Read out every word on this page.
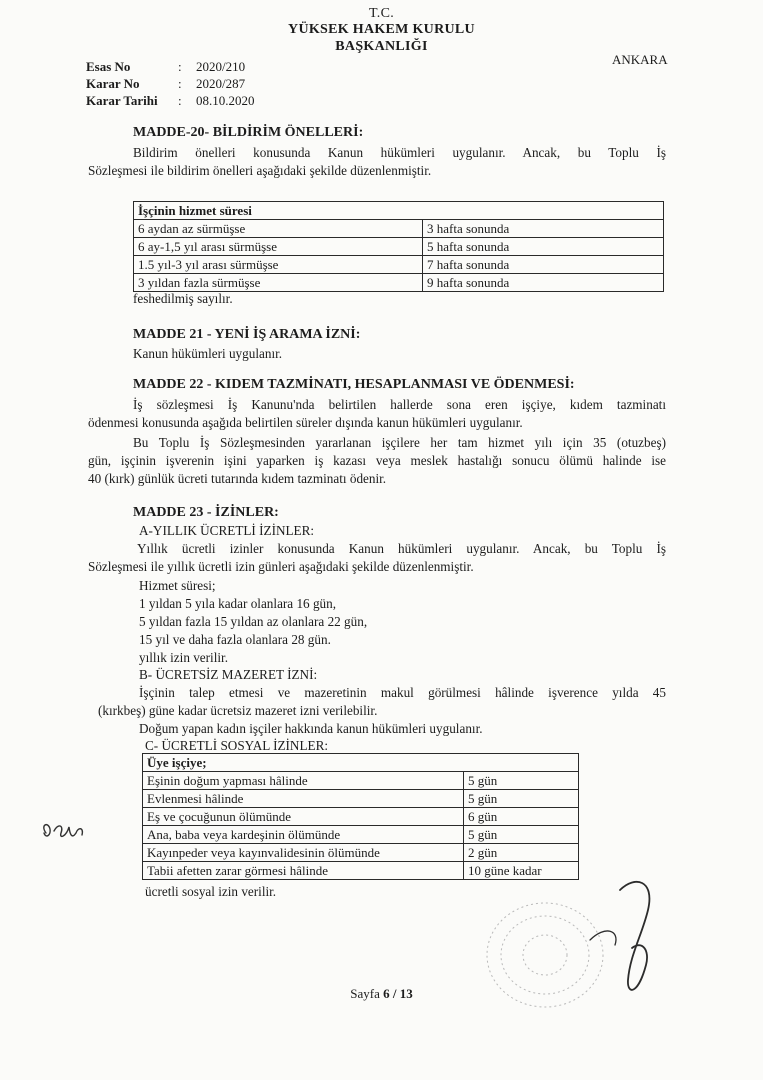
T.C.
YÜKSEK HAKEM KURULU
BAŞKANLIĞI
ANKARA
Esas No	:	2020/210
Karar No	:	2020/287
Karar Tarihi	:	08.10.2020
MADDE-20- BİLDİRİM ÖNELLERİ:
Bildirim önelleri konusunda Kanun hükümleri uygulanır. Ancak, bu Toplu İş
Sözleşmesi ile bildirim önelleri aşağıdaki şekilde düzenlenmiştir.
İşçinin hizmet süresi	
6 aydan az sürmüşse	3 hafta sonunda
6 ay-1,5 yıl arası sürmüşse	5 hafta sonunda
1.5 yıl-3 yıl arası sürmüşse	7 hafta sonunda
3 yıldan fazla sürmüşse	9 hafta sonunda
feshedilmiş sayılır.
MADDE 21 - YENİ İŞ ARAMA İZNİ:
Kanun hükümleri uygulanır.
MADDE 22 - KIDEM TAZMİNATI, HESAPLANMASI VE ÖDENMESİ:
İş sözleşmesi İş Kanunu'nda belirtilen hallerde sona eren işçiye, kıdem tazminatı
ödenmesi konusunda aşağıda belirtilen süreler dışında kanun hükümleri uygulanır.
Bu Toplu İş Sözleşmesinden yararlanan işçilere her tam hizmet yılı için 35 (otuzbeş)
gün, işçinin işverenin işini yaparken iş kazası veya meslek hastalığı sonucu ölümü halinde ise
40 (kırk) günlük ücreti tutarında kıdem tazminatı ödenir.
MADDE 23 - İZİNLER:
A-YILLIK ÜCRETLİ İZİNLER:
Yıllık ücretli izinler konusunda Kanun hükümleri uygulanır. Ancak, bu Toplu İş
Sözleşmesi ile yıllık ücretli izin günleri aşağıdaki şekilde düzenlenmiştir.
Hizmet süresi;
1 yıldan 5 yıla kadar olanlara 16 gün,
5 yıldan fazla 15 yıldan az olanlara 22 gün,
15 yıl ve daha fazla olanlara 28 gün.
yıllık izin verilir.
B- ÜCRETSİZ MAZERET İZNİ:
İşçinin talep etmesi ve mazeretinin makul görülmesi hâlinde işverence yılda 45
(kırkbeş) güne kadar ücretsiz mazeret izni verilebilir.
Doğum yapan kadın işçiler hakkında kanun hükümleri uygulanır.
C- ÜCRETLİ SOSYAL İZİNLER:
Üye işçiye;	
Eşinin doğum yapması hâlinde	5 gün
Evlenmesi hâlinde	5 gün
Eş ve çocuğunun ölümünde	6 gün
Ana, baba veya kardeşinin ölümünde	5 gün
Kayınpeder veya kayınvalidesinin ölümünde	2 gün
Tabii afetten zarar görmesi hâlinde	10 güne kadar
ücretli sosyal izin verilir.
Sayfa 6 / 13
